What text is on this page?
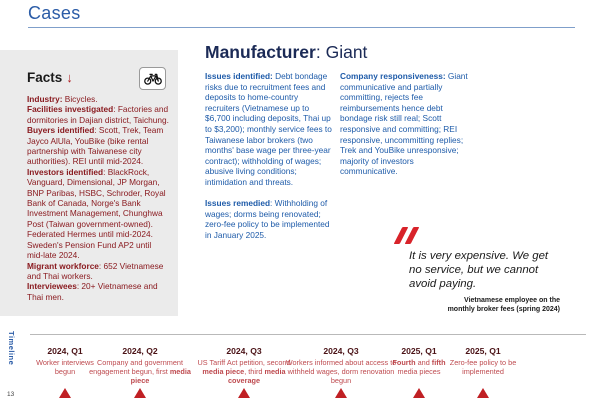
Cases
Facts ↓

Industry: Bicycles.

Facilities investigated: Factories and dormitories in Dajian district, Taichung.

Buyers identified: Scott, Trek, Team Jayco AlUla, YouBike (bike rental partnership with Taiwanese city authorities). REI until mid-2024.

Investors identified: BlackRock, Vanguard, Dimensional, JP Morgan, BNP Paribas, HSBC, Schroder, Royal Bank of Canada, Norge's Bank Investment Management, Chunghwa Post (Taiwan government-owned). Federated Hermes until mid-2024. Sweden's Pension Fund AP2 until mid-late 2024.

Migrant workforce: 652 Vietnamese and Thai workers.

Interviewees: 20+ Vietnamese and Thai men.

Manufacturer: Giant
Issues identified: Debt bondage risks due to recruitment fees and deposits to home-country recruiters (Vietnamese up to $6,700 including deposits, Thai up to $3,200); monthly service fees to Taiwanese labor brokers (two months' base wage per three-year contract); withholding of wages; abusive living conditions; intimidation and threats.
Issues remedied: Withholding of wages; dorms being renovated; zero-fee policy to be implemented in January 2025.
Company responsiveness: Giant communicative and partially committing, rejects fee reimbursements hence debt bondage risk still real; Scott responsive and committing; REI responsive, uncommitting replies; Trek and YouBike unresponsive; majority of investors communicative.
It is very expensive. We get no service, but we cannot avoid paying.
Vietnamese employee on the
monthly broker fees (spring 2024)
Timeline	2024, Q1
Worker interviews begun
2024, Q2
Company and government engagement begun, first media piece
2024, Q3
US Tariff Act petition, second media piece, third media coverage
2024, Q3
Workers informed about access to withheld wages, dorm renovation begun
2025, Q1
Fourth and fifth media pieces
2025, Q1
Zero-fee policy to be implemented
13
